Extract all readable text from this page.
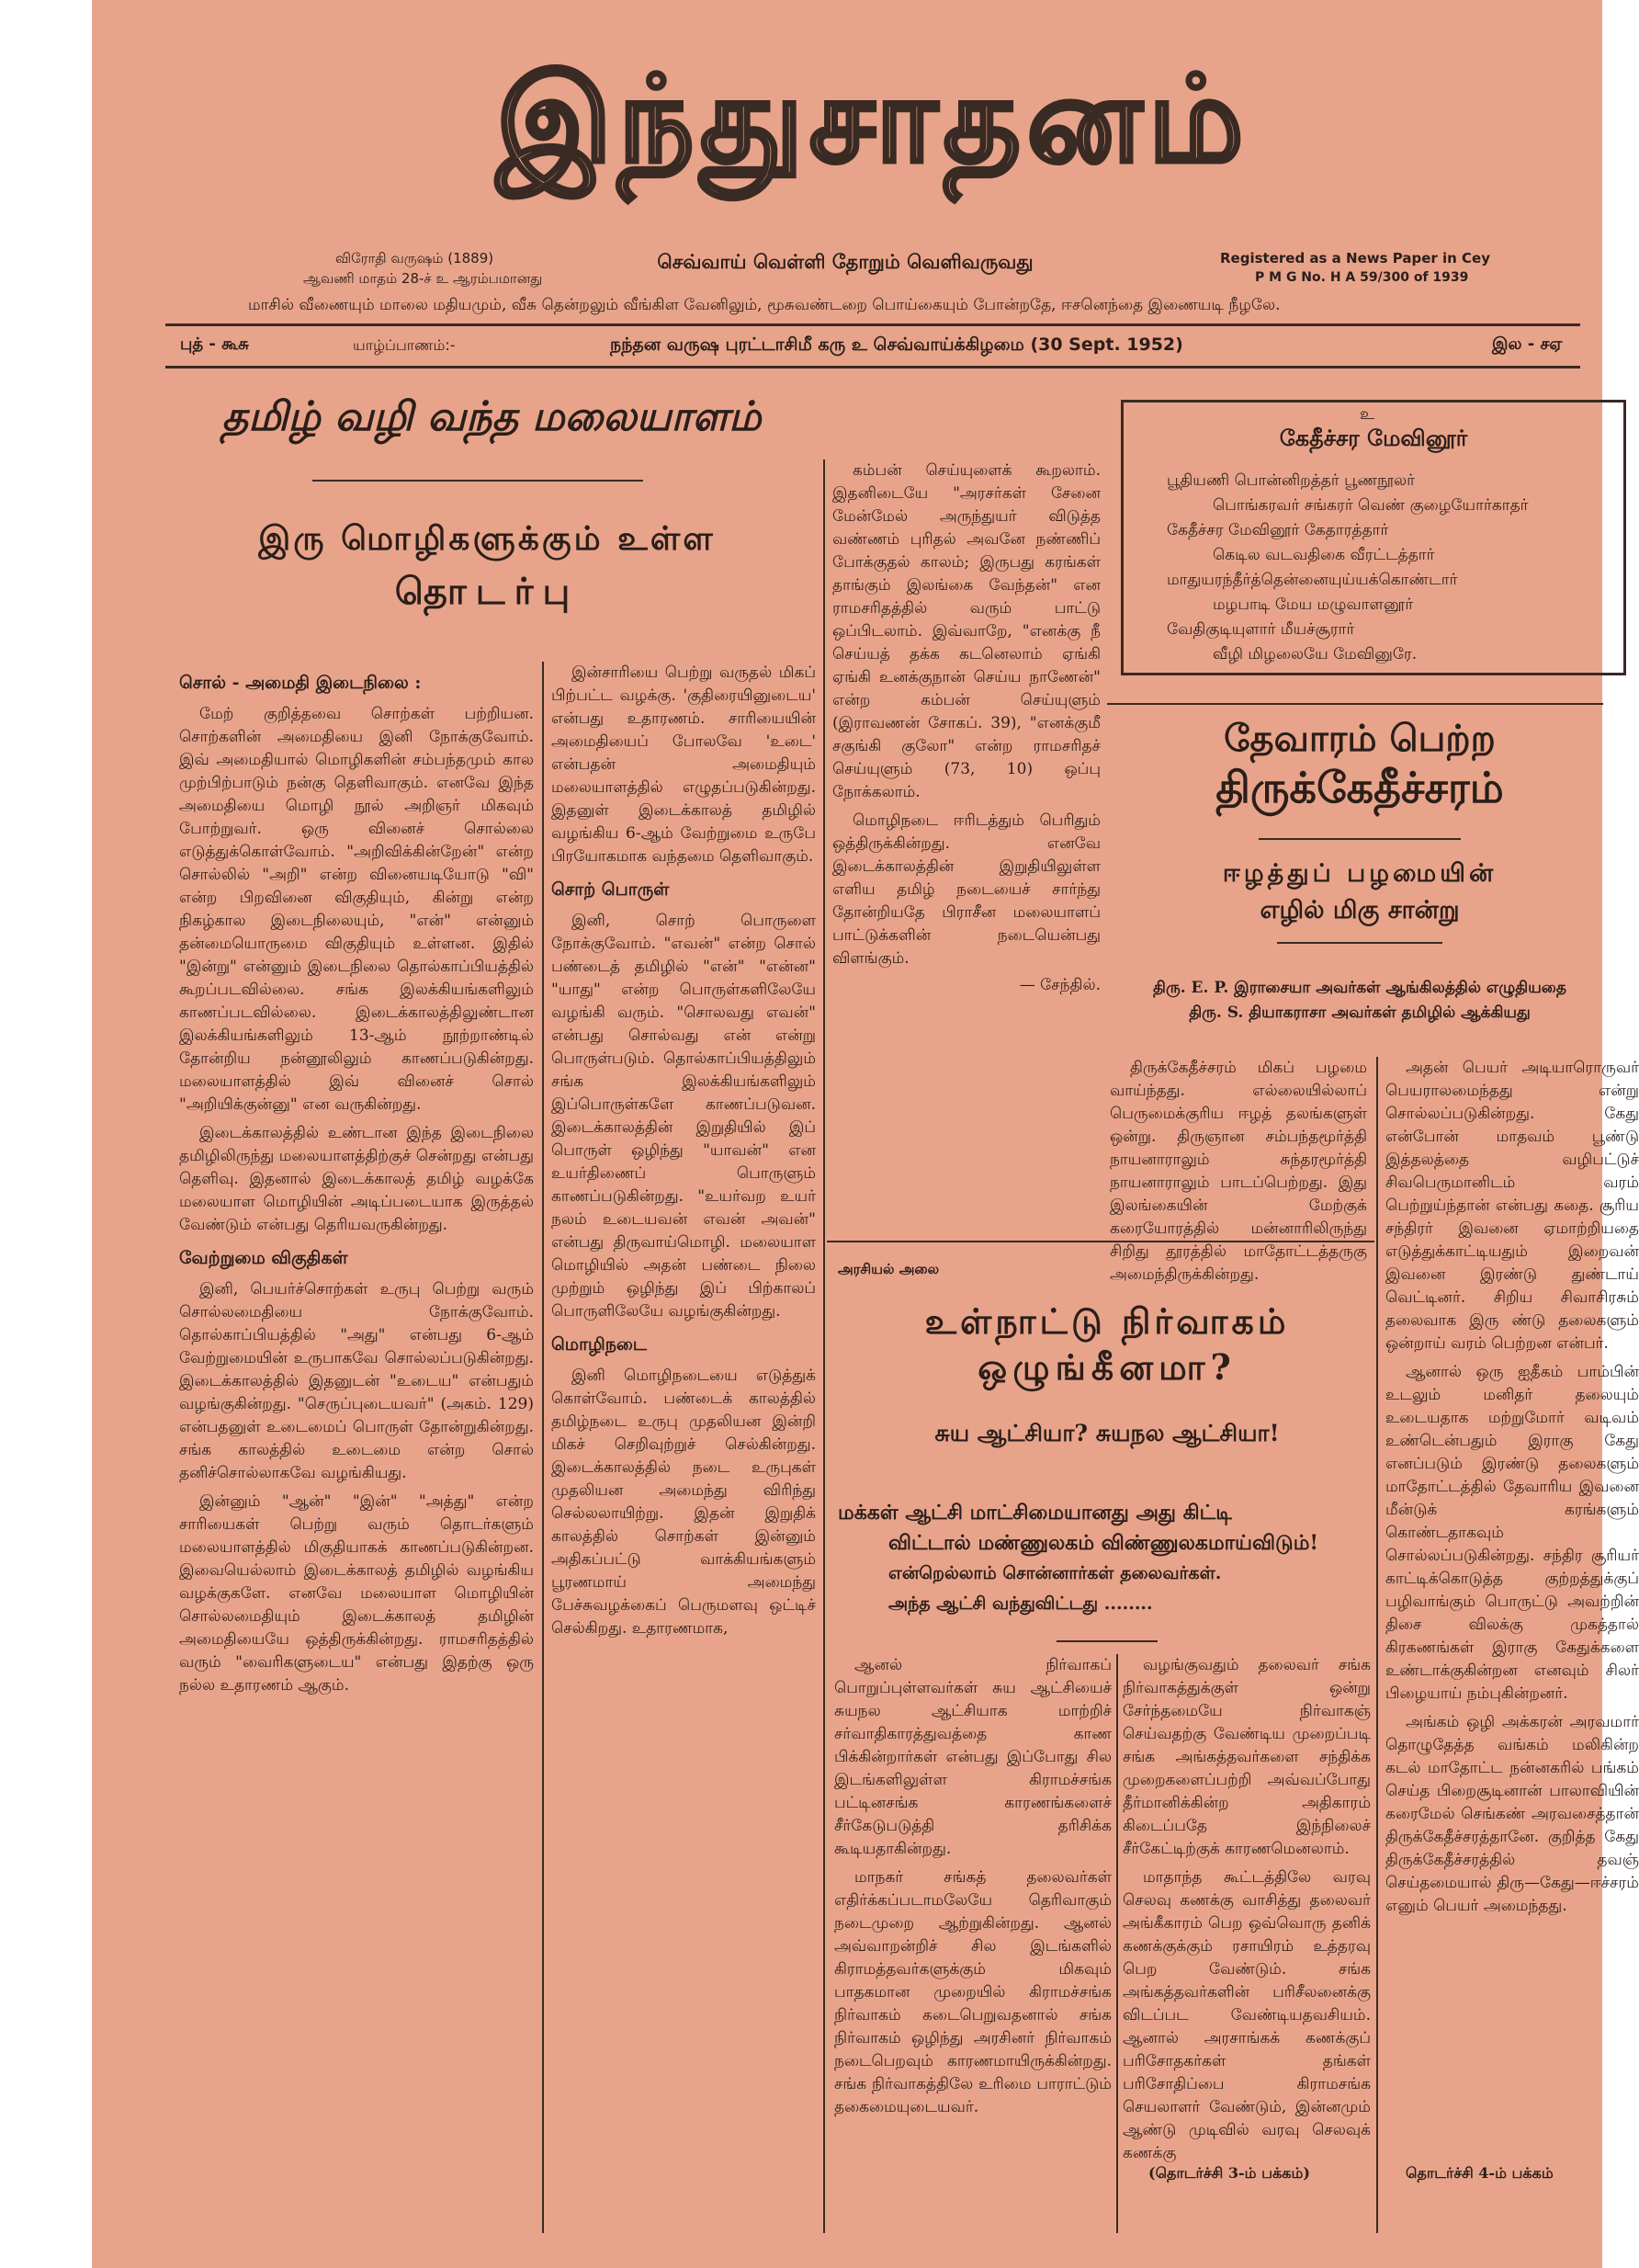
இந்துசாதனம்
செவ்வாய் வெள்ளி தோறும் வெளிவருவது
விரோதி வருஷம் (1889)
ஆவணி மாதம் 28-ச் உ ஆரம்பமானது
Registered as a News Paper in Cey
P M G No. H A 59/300 of 1939
மாசில் வீணையும் மாலை மதியமும், வீசு தென்றலும் வீங்கிள வேனிலும், மூசுவண்டறை பொய்கையும் போன்றதே, ஈசனெந்தை இணையடி நீழலே.
புத் - கூசு	யாழ்ப்பாணம்:-	நந்தன வருஷ புரட்டாசிமீ கரு உ செவ்வாய்க்கிழமை (30 Sept. 1952)	இல - சஏ
தமிழ் வழி வந்த மலையாளம்
இரு மொழிகளுக்கும் உள்ள
தொடர்பு
சொல் - அமைதி இடைநிலை :

மேற் குறித்தவை சொற்கள் பற்றியன. சொற்களின் அமைதியை இனி நோக்குவோம். இவ் அமைதியால் மொழிகளின் சம்பந்தமும் கால முற்பிற்பாடும் நன்கு தெளிவாகும். எனவே இந்த அமைதியை மொழி நூல் அறிஞர் மிகவும் போற்றுவர். ஒரு வினைச் சொல்லை எடுத்துக்கொள்வோம். "அறிவிக்கின்றேன்" என்ற சொல்லில் "அறி" என்ற வினையடியோடு "வி" என்ற பிறவினை விகுதியும், கின்று என்ற நிகழ்கால இடைநிலையும், "என்" என்னும் தன்மையொருமை விகுதியும் உள்ளன. இதில் "இன்று" என்னும் இடைநிலை தொல்காப்பியத்தில் கூறப்படவில்லை. சங்க இலக்கியங்களிலும் காணப்படவில்லை. இடைக்காலத்திலுண்டான இலக்கியங்களிலும் 13-ஆம் நூற்றாண்டில் தோன்றிய நன்னூலிலும் காணப்படுகின்றது. மலையாளத்தில் இவ் வினைச் சொல் "அறியிக்குன்னு" என வருகின்றது.

இடைக்காலத்தில் உண்டான இந்த இடைநிலை தமிழிலிருந்து மலையாளத்திற்குச் சென்றது என்பது தெளிவு. இதனால் இடைக்காலத் தமிழ் வழக்கே மலையாள மொழியின் அடிப்படையாக இருத்தல் வேண்டும் என்பது தெரியவருகின்றது.

வேற்றுமை விகுதிகள்

இனி, பெயர்ச்சொற்கள் உருபு பெற்று வரும் சொல்லமைதியை நோக்குவோம். தொல்காப்பியத்தில் "அது" என்பது 6-ஆம் வேற்றுமையின் உருபாகவே சொல்லப்படுகின்றது. இடைக்காலத்தில் இதனுடன் "உடைய" என்பதும் வழங்குகின்றது. "செருப்புடையவர்" (அகம். 129) என்பதனுள் உடைமைப் பொருள் தோன்றுகின்றது. சங்க காலத்தில் உடைமை என்ற சொல் தனிச்சொல்லாகவே வழங்கியது.

இன்னும் "ஆன்" "இன்" "அத்து" என்ற சாரியைகள் பெற்று வரும் தொடர்களும் மலையாளத்தில் மிகுதியாகக் காணப்படுகின்றன. இவையெல்லாம் இடைக்காலத் தமிழில் வழங்கிய வழக்குகளே. எனவே மலையாள மொழியின் சொல்லமைதியும் இடைக்காலத் தமிழின் அமைதியையே ஒத்திருக்கின்றது. ராமசரிதத்தில் வரும் "வைரிகளுடைய" என்பது இதற்கு ஒரு நல்ல உதாரணம் ஆகும்.

இன்சாரியை பெற்று வருதல் மிகப் பிற்பட்ட வழக்கு. 'குதிரையினுடைய' என்பது உதாரணம். சாரியையின் அமைதியைப் போலவே 'உடை' என்பதன் அமைதியும் மலையாளத்தில் எழுதப்படுகின்றது. இதனுள் இடைக்காலத் தமிழில் வழங்கிய 6-ஆம் வேற்றுமை உருபே பிரயோகமாக வந்தமை தெளிவாகும்.

சொற் பொருள்

இனி, சொற் பொருளை நோக்குவோம். "எவன்" என்ற சொல் பண்டைத் தமிழில் "என்" "என்ன" "யாது" என்ற பொருள்களிலேயே வழங்கி வரும். "சொலவது எவன்" என்பது சொல்வது என் என்று பொருள்படும். தொல்காப்பியத்திலும் சங்க இலக்கியங்களிலும் இப்பொருள்களே காணப்படுவன. இடைக்காலத்தின் இறுதியில் இப் பொருள் ஒழிந்து "யாவன்" என உயர்திணைப் பொருளும் காணப்படுகின்றது. "உயர்வற உயர் நலம் உடையவன் எவன் அவன்" என்பது திருவாய்மொழி. மலையாள மொழியில் அதன் பண்டை நிலை முற்றும் ஒழிந்து இப் பிற்காலப் பொருளிலேயே வழங்குகின்றது.

மொழிநடை

இனி மொழிநடையை எடுத்துக் கொள்வோம். பண்டைக் காலத்தில் தமிழ்நடை உருபு முதலியன இன்றி மிகச் செறிவுற்றுச் செல்கின்றது. இடைக்காலத்தில் நடை உருபுகள் முதலியன அமைந்து விரிந்து செல்லலாயிற்று. இதன் இறுதிக் காலத்தில் சொற்கள் இன்னும் அதிகப்பட்டு வாக்கியங்களும் பூரணமாய் அமைந்து பேச்சுவழக்கைப் பெருமளவு ஒட்டிச் செல்கிறது. உதாரணமாக,

கம்பன் செய்யுளைக் கூறலாம். இதனிடையே "அரசர்கள் சேனை மேன்மேல் அருந்துயர் விடுத்த வண்ணம் புரிதல் அவனே நண்ணிப் போக்குதல் காலம்; இருபது கரங்கள் தாங்கும் இலங்கை வேந்தன்" என ராமசரிதத்தில் வரும் பாட்டு ஒப்பிடலாம். இவ்வாறே, "எனக்கு நீ செய்யத் தக்க கடனெலாம் ஏங்கி ஏங்கி உனக்குநான் செய்ய நாணேன்" என்ற கம்பன் செய்யுளும் (இராவணன் சோகப். 39), "எனக்குமீ சகுங்கி குலோ" என்ற ராமசரிதச் செய்யுளும் (73, 10) ஒப்பு நோக்கலாம்.

மொழிநடை ஈரிடத்தும் பெரிதும் ஒத்திருக்கின்றது. எனவே இடைக்காலத்தின் இறுதியிலுள்ள எளிய தமிழ் நடையைச் சார்ந்து தோன்றியதே பிராசீன மலையாளப் பாட்டுக்களின் நடையென்பது விளங்கும்.

— சேந்தில்.
உ
கேதீச்சர மேவினூர்
பூதியணி பொன்னிறத்தர் பூணநூலர்
பொங்கரவர் சங்கரர் வெண் குழையோர்காதர்
கேதீச்சர மேவினூர் கேதாரத்தார்
கெடில வடவதிகை வீரட்டத்தார்
மாதுயரந்தீர்த்தென்னையுய்யக்கொண்டார்
மழபாடி மேய மழுவாளனூர்
வேதிகுடியுளார் மீயச்சூரார்
வீழி மிழலையே மேவினுரே.
தேவாரம் பெற்ற
திருக்கேதீச்சரம்
ஈழத்துப் பழமையின்
எழில் மிகு சான்று
திரு. E. P. இராசையா அவர்கள் ஆங்கிலத்தில் எழுதியதை
திரு. S. தியாகராசா அவர்கள் தமிழில் ஆக்கியது

திருக்கேதீச்சரம் மிகப் பழமை வாய்ந்தது. எல்லையில்லாப் பெருமைக்குரிய ஈழத் தலங்களுள் ஒன்று. திருஞான சம்பந்தமூர்த்தி நாயனாராலும் சுந்தரமூர்த்தி நாயனாராலும் பாடப்பெற்றது. இது இலங்கையின் மேற்குக் கரையோரத்தில் மன்னாரிலிருந்து சிறிது தூரத்தில் மாதோட்டத்தருகு அமைந்திருக்கின்றது.

அதன் பெயர் அடியாரொருவர் பெயராலமைந்தது என்று சொல்லப்படுகின்றது. கேது என்போன் மாதவம் பூண்டு இத்தலத்தை வழிபட்டுச் சிவபெருமானிடம் வரம் பெற்றுய்ந்தான் என்பது கதை. சூரிய சந்திரர் இவனை ஏமாற்றியதை எடுத்துக்காட்டியதும் இறைவன் இவனை இரண்டு துண்டாய் வெட்டினர். சிறிய சிவாசிரசும் தலைவாக இரு ண்டு தலைகளும் ஒன்றாய் வரம் பெற்றன என்பர்.

ஆனால் ஒரு ஐதீகம் பாம்பின் உடலும் மனிதர் தலையும் உடையதாக மற்றுமோர் வடிவம் உண்டென்பதும் இராகு கேது எனப்படும் இரண்டு தலைகளும் மாதோட்டத்தில் தேவாரிய இவனை மீன்டுக் கரங்களும் கொண்டதாகவும் சொல்லப்படுகின்றது. சந்திர சூரியர் காட்டிக்கொடுத்த குற்றத்துக்குப் பழிவாங்கும் பொருட்டு அவற்றின் திசை விலக்கு முகத்தால் கிரகணங்கள் இராகு கேதுக்களை உண்டாக்குகின்றன எனவும் சிலர் பிழையாய் நம்புகின்றனர்.

அங்கம் ஒழி அக்கரன் அரவமார் தொழுதேத்த வங்கம் மலிகின்ற கடல் மாதோட்ட நன்னகரில் பங்கம் செய்த பிறைசூடினான் பாலாவியின் கரைமேல் செங்கண் அரவசைத்தான் திருக்கேதீச்சரத்தானே. குறித்த கேது திருக்கேதீச்சரத்தில் தவஞ் செய்தமையால் திரு—கேது—ஈச்சரம் எனும் பெயர் அமைந்தது.

தொடர்ச்சி 4-ம் பக்கம்
அரசியல் அலை
உள்நாட்டு நிர்வாகம்
ஒழுங்கீனமா?
சுய ஆட்சியா? சுயநல ஆட்சியா!
மக்கள் ஆட்சி மாட்சிமையானது அது கிட்டி
விட்டால் மண்ணுலகம் விண்ணுலகமாய்விடும்!
என்றெல்லாம் சொன்னார்கள் தலைவர்கள்.
அந்த ஆட்சி வந்துவிட்டது ........

ஆனல் நிர்வாகப் பொறுப்புள்ளவர்கள் சுய ஆட்சியைச் சுயநல ஆட்சியாக மாற்றிச் சர்வாதிகாரத்துவத்தை காண பிக்கின்றார்கள் என்பது இப்போது சில இடங்களிலுள்ள கிராமச்சங்க பட்டினசங்க காரணங்களைச் சீர்கேடுபடுத்தி தரிசிக்க கூடியதாகின்றது.

மாநகர் சங்கத் தலைவர்கள் எதிர்க்கப்படாமலேயே தெரிவாகும் நடைமுறை ஆற்றுகின்றது. ஆனல் அவ்வாறன்றிச் சில இடங்களில் கிராமத்தவர்களுக்கும் மிகவும் பாதகமான முறையில் கிராமச்சங்க நிர்வாகம் கடைபெறுவதனால் சங்க நிர்வாகம் ஒழிந்து அரசினர் நிர்வாகம் நடைபெறவும் காரணமாயிருக்கின்றது. சங்க நிர்வாகத்திலே உரிமை பாராட்டும் தகைமையுடையவர்.

வழங்குவதும் தலைவர் சங்க நிர்வாகத்துக்குள் ஒன்று சேர்ந்தமையே நிர்வாகஞ் செய்வதற்கு வேண்டிய முறைப்படி சங்க அங்கத்தவர்களை சந்திக்க முறைகளைப்பற்றி அவ்வப்போது தீர்மானிக்கின்ற அதிகாரம் கிடைப்பதே இந்நிலைச் சீர்கேட்டிற்குக் காரணமெனலாம்.

மாதாந்த கூட்டத்திலே வரவு செலவு கணக்கு வாசித்து தலைவர் அங்கீகாரம் பெற ஒவ்வொரு தனிக் கணக்குக்கும் ரசாயிரம் உத்தரவு பெற வேண்டும். சங்க அங்கத்தவர்களின் பரிசீலனைக்கு விடப்பட வேண்டியதவசியம். ஆனால் அரசாங்கக் கணக்குப் பரிசோதகர்கள் தங்கள் பரிசோதிப்பை கிராமசங்க செயலாளர் வேண்டும், இன்னமும் ஆண்டு முடிவில் வரவு செலவுக் கணக்கு

(தொடர்ச்சி 3-ம் பக்கம்)
